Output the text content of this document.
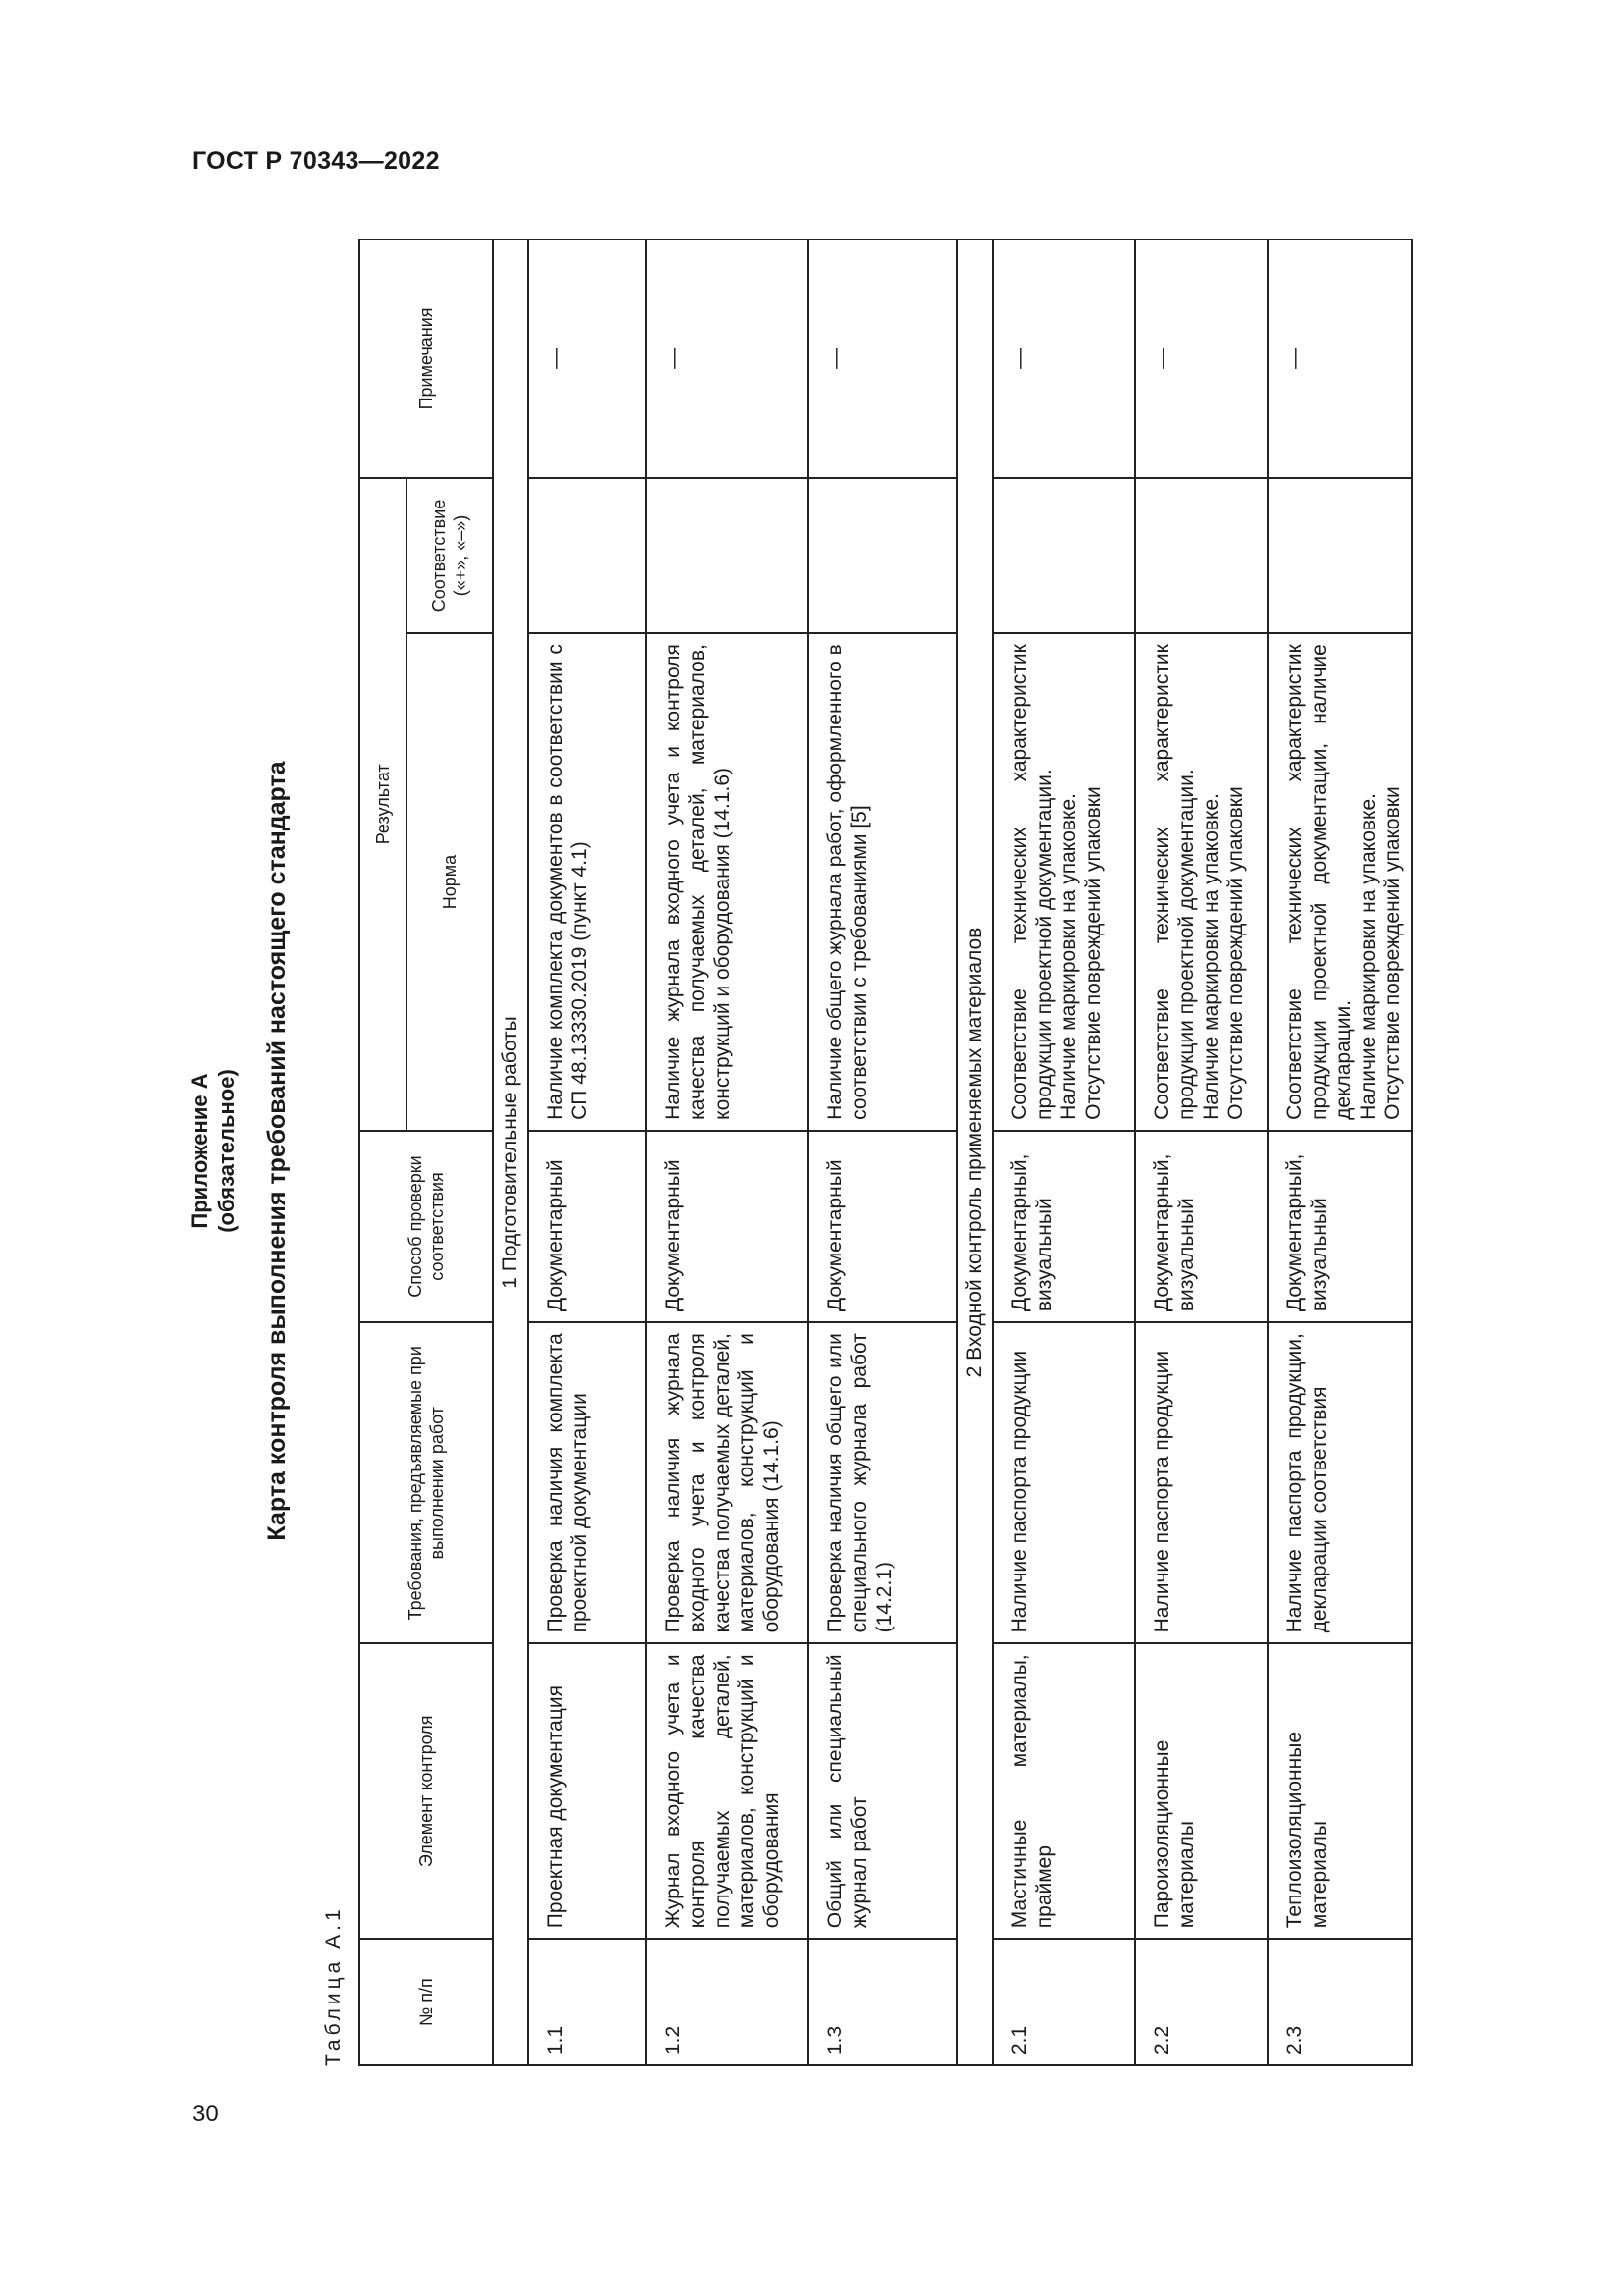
ГОСТ Р 70343—2022
30
Приложение А (обязательное) Карта контроля выполнения требований настоящего стандарта
Таблица А.1	№ п/п	Элемент контроля	Требования, предъявляемые при выполнении работ	Способ проверки соответствия	Результат		Примечания
				Норма	Соответствие («+», «–»)	
1 Подготовительные работы						
1.1	Проектная документация	Проверка наличия комплекта проектной документации	Документарный	Наличие комплекта документов в соответствии с СП 48.13330.2019 (пункт 4.1)		—
1.2	Журнал входного учета и контроля качества получаемых деталей, материалов, конструкций и оборудования	Проверка наличия журнала входного учета и контроля качества получаемых деталей, материалов, конструкций и оборудования (14.1.6)	Документарный	Наличие журнала входного учета и контроля качества получаемых деталей, материалов, конструкций и оборудования (14.1.6)		—
1.3	Общий или специальный журнал работ	Проверка наличия общего или специального журнала работ (14.2.1)	Документарный	Наличие общего журнала работ, оформленного в соответствии с требованиями [5]		—
2 Входной контроль применяемых материалов						
2.1	Мастичные материалы, праймер	Наличие паспорта продукции	Документарный, визуальный	Соответствие технических характеристик продукции проектной документации.
Наличие маркировки на упаковке.
Отсутствие повреждений упаковки		—
2.2	Пароизоляционные материалы	Наличие паспорта продукции	Документарный, визуальный	Соответствие технических характеристик продукции проектной документации.
Наличие маркировки на упаковке.
Отсутствие повреждений упаковки		—
2.3	Теплоизоляционные материалы	Наличие паспорта продукции, декларации соответствия	Документарный, визуальный	Соответствие технических характеристик продукции проектной документации, наличие декларации.
Наличие маркировки на упаковке.
Отсутствие повреждений упаковки		—
